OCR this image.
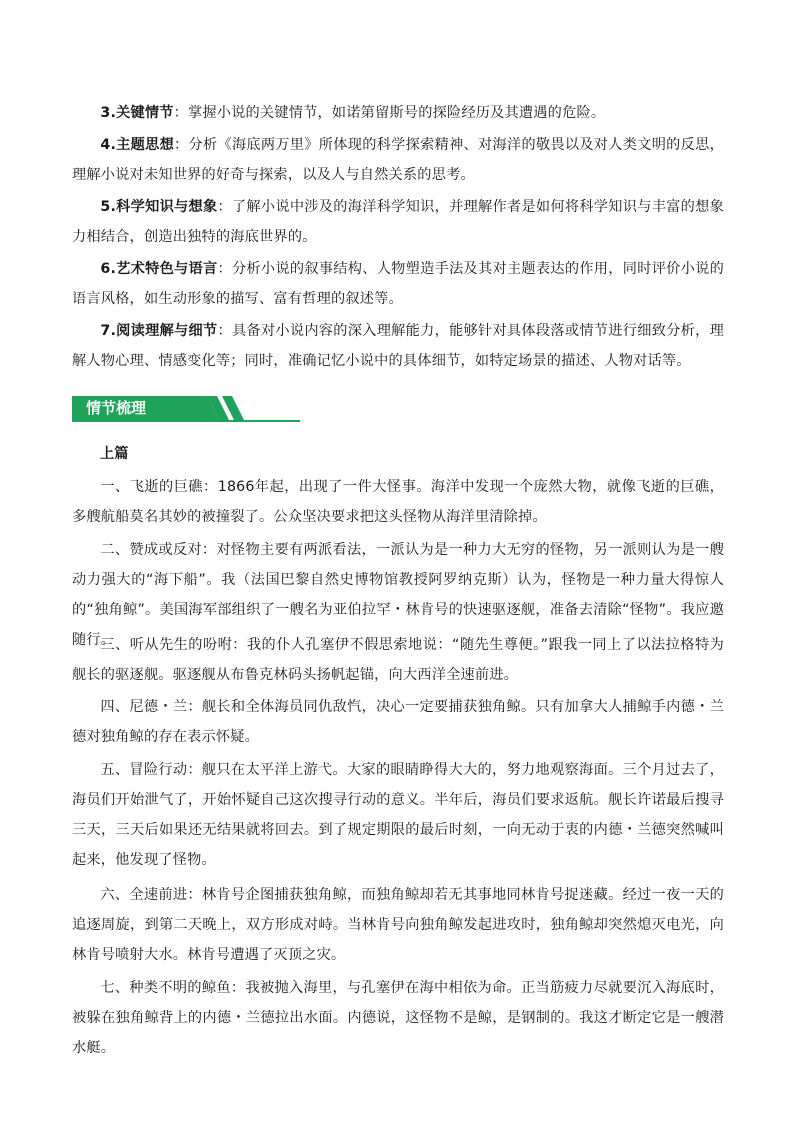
3.关键情节：掌握小说的关键情节，如诺第留斯号的探险经历及其遭遇的危险。

4.主题思想：分析《海底两万里》所体现的科学探索精神、对海洋的敬畏以及对人类文明的反思，理解小说对未知世界的好奇与探索，以及人与自然关系的思考。

5.科学知识与想象：了解小说中涉及的海洋科学知识，并理解作者是如何将科学知识与丰富的想象力相结合，创造出独特的海底世界的。

6.艺术特色与语言：分析小说的叙事结构、人物塑造手法及其对主题表达的作用，同时评价小说的语言风格，如生动形象的描写、富有哲理的叙述等。

7.阅读理解与细节：具备对小说内容的深入理解能力，能够针对具体段落或情节进行细致分析，理解人物心理、情感变化等；同时，准确记忆小说中的具体细节，如特定场景的描述、人物对话等。

情节梳理

上篇

一、飞逝的巨礁：1866年起，出现了一件大怪事。海洋中发现一个庞然大物，就像飞逝的巨礁，多艘航船莫名其妙的被撞裂了。公众坚决要求把这头怪物从海洋里清除掉。

二、赞成或反对：对怪物主要有两派看法，一派认为是一种力大无穷的怪物，另一派则认为是一艘动力强大的“海下船”。我（法国巴黎自然史博物馆教授阿罗纳克斯）认为，怪物是一种力量大得惊人的“独角鲸”。美国海军部组织了一艘名为亚伯拉罕・林肯号的快速驱逐舰，准备去清除“怪物”。我应邀随行。

三、听从先生的吩咐：我的仆人孔塞伊不假思索地说：“随先生尊便。”跟我一同上了以法拉格特为舰长的驱逐舰。驱逐舰从布鲁克林码头扬帆起锚，向大西洋全速前进。

四、尼德・兰：舰长和全体海员同仇敌忾，决心一定要捕获独角鲸。只有加拿大人捕鲸手内德・兰德对独角鲸的存在表示怀疑。

五、冒险行动：舰只在太平洋上游弋。大家的眼睛睁得大大的，努力地观察海面。三个月过去了，海员们开始泄气了，开始怀疑自己这次搜寻行动的意义。半年后，海员们要求返航。舰长许诺最后搜寻三天，三天后如果还无结果就将回去。到了规定期限的最后时刻，一向无动于衷的内德・兰德突然喊叫起来，他发现了怪物。

六、全速前进：林肯号企图捕获独角鲸，而独角鲸却若无其事地同林肯号捉迷藏。经过一夜一天的追逐周旋，到第二天晚上，双方形成对峙。当林肯号向独角鲸发起进攻时，独角鲸却突然熄灭电光，向林肯号喷射大水。林肯号遭遇了灭顶之灾。

七、种类不明的鲸鱼：我被抛入海里，与孔塞伊在海中相依为命。正当筋疲力尽就要沉入海底时，被躲在独角鲸背上的内德・兰德拉出水面。内德说，这怪物不是鲸，是钢制的。我这才断定它是一艘潜水艇。
